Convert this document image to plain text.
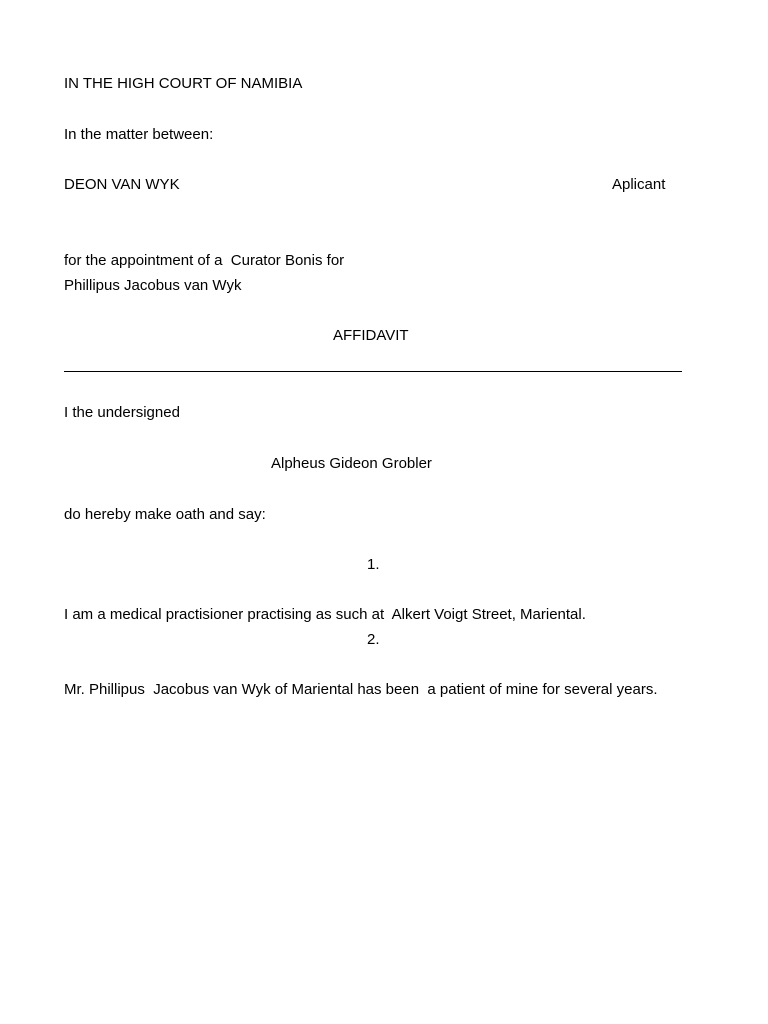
IN THE HIGH COURT OF NAMIBIA
In the matter between:
DEON VAN WYK	Aplicant
for the appointment of a  Curator Bonis for
Phillipus Jacobus van Wyk
AFFIDAVIT
I the undersigned
Alpheus Gideon Grobler
do hereby make oath and say:
1.
I am a medical practisioner practising as such at  Alkert Voigt Street, Mariental.
2.
Mr. Phillipus  Jacobus van Wyk of Mariental has been  a patient of mine for several years.
